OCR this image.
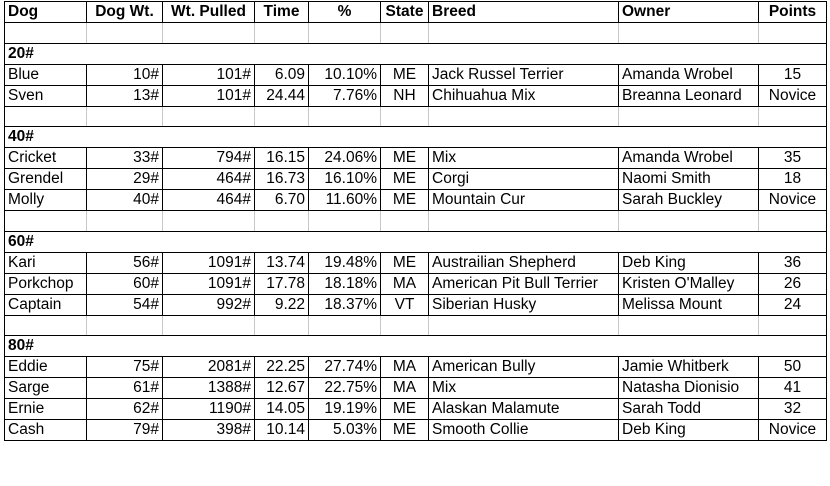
Dog	Dog Wt.	Wt. Pulled	Time	%	State	Breed	Owner	Points

20#								
Blue	10#	101#	6.09	10.10%	ME	Jack Russel Terrier	Amanda Wrobel	15
Sven	13#	101#	24.44	7.76%	NH	Chihuahua Mix	Breanna Leonard	Novice

40#								
Cricket	33#	794#	16.15	24.06%	ME	Mix	Amanda Wrobel	35
Grendel	29#	464#	16.73	16.10%	ME	Corgi	Naomi Smith	18
Molly	40#	464#	6.70	11.60%	ME	Mountain Cur	Sarah Buckley	Novice

60#								
Kari	56#	1091#	13.74	19.48%	ME	Austrailian Shepherd	Deb King	36
Porkchop	60#	1091#	17.78	18.18%	MA	American Pit Bull Terrier	Kristen O'Malley	26
Captain	54#	992#	9.22	18.37%	VT	Siberian Husky	Melissa Mount	24

80#								
Eddie	75#	2081#	22.25	27.74%	MA	American Bully	Jamie Whitberk	50
Sarge	61#	1388#	12.67	22.75%	MA	Mix	Natasha Dionisio	41
Ernie	62#	1190#	14.05	19.19%	ME	Alaskan Malamute	Sarah Todd	32
Cash	79#	398#	10.14	5.03%	ME	Smooth Collie	Deb King	Novice
